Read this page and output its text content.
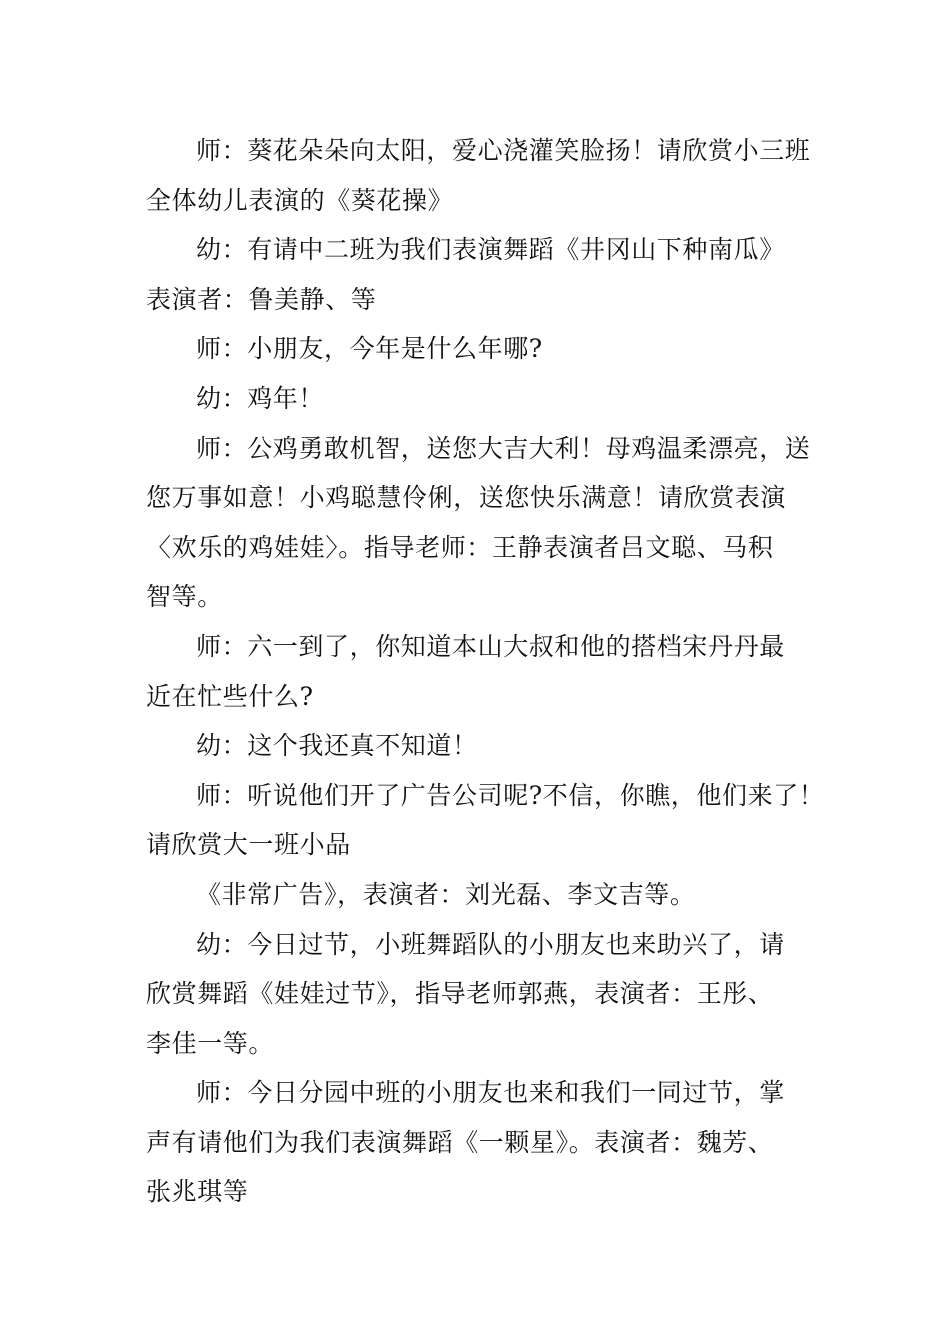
师：葵花朵朵向太阳，爱心浇灌笑脸扬！请欣赏小三班
全体幼儿表演的《葵花操》

幼：有请中二班为我们表演舞蹈《井冈山下种南瓜》
表演者：鲁美静、等

师：小朋友，今年是什么年哪?

幼：鸡年！

师：公鸡勇敢机智，送您大吉大利！母鸡温柔漂亮，送
您万事如意！小鸡聪慧伶俐，送您快乐满意！请欣赏表演
〈欢乐的鸡娃娃〉。指导老师：王静表演者吕文聪、马积
智等。

师：六一到了，你知道本山大叔和他的搭档宋丹丹最
近在忙些什么?

幼：这个我还真不知道！

师：听说他们开了广告公司呢?不信，你瞧，他们来了！
请欣赏大一班小品

《非常广告》，表演者：刘光磊、李文吉等。

幼：今日过节，小班舞蹈队的小朋友也来助兴了，请
欣赏舞蹈《娃娃过节》，指导老师郭燕，表演者：王彤、
李佳一等。

师：今日分园中班的小朋友也来和我们一同过节，掌
声有请他们为我们表演舞蹈《一颗星》。表演者：魏芳、
张兆琪等
